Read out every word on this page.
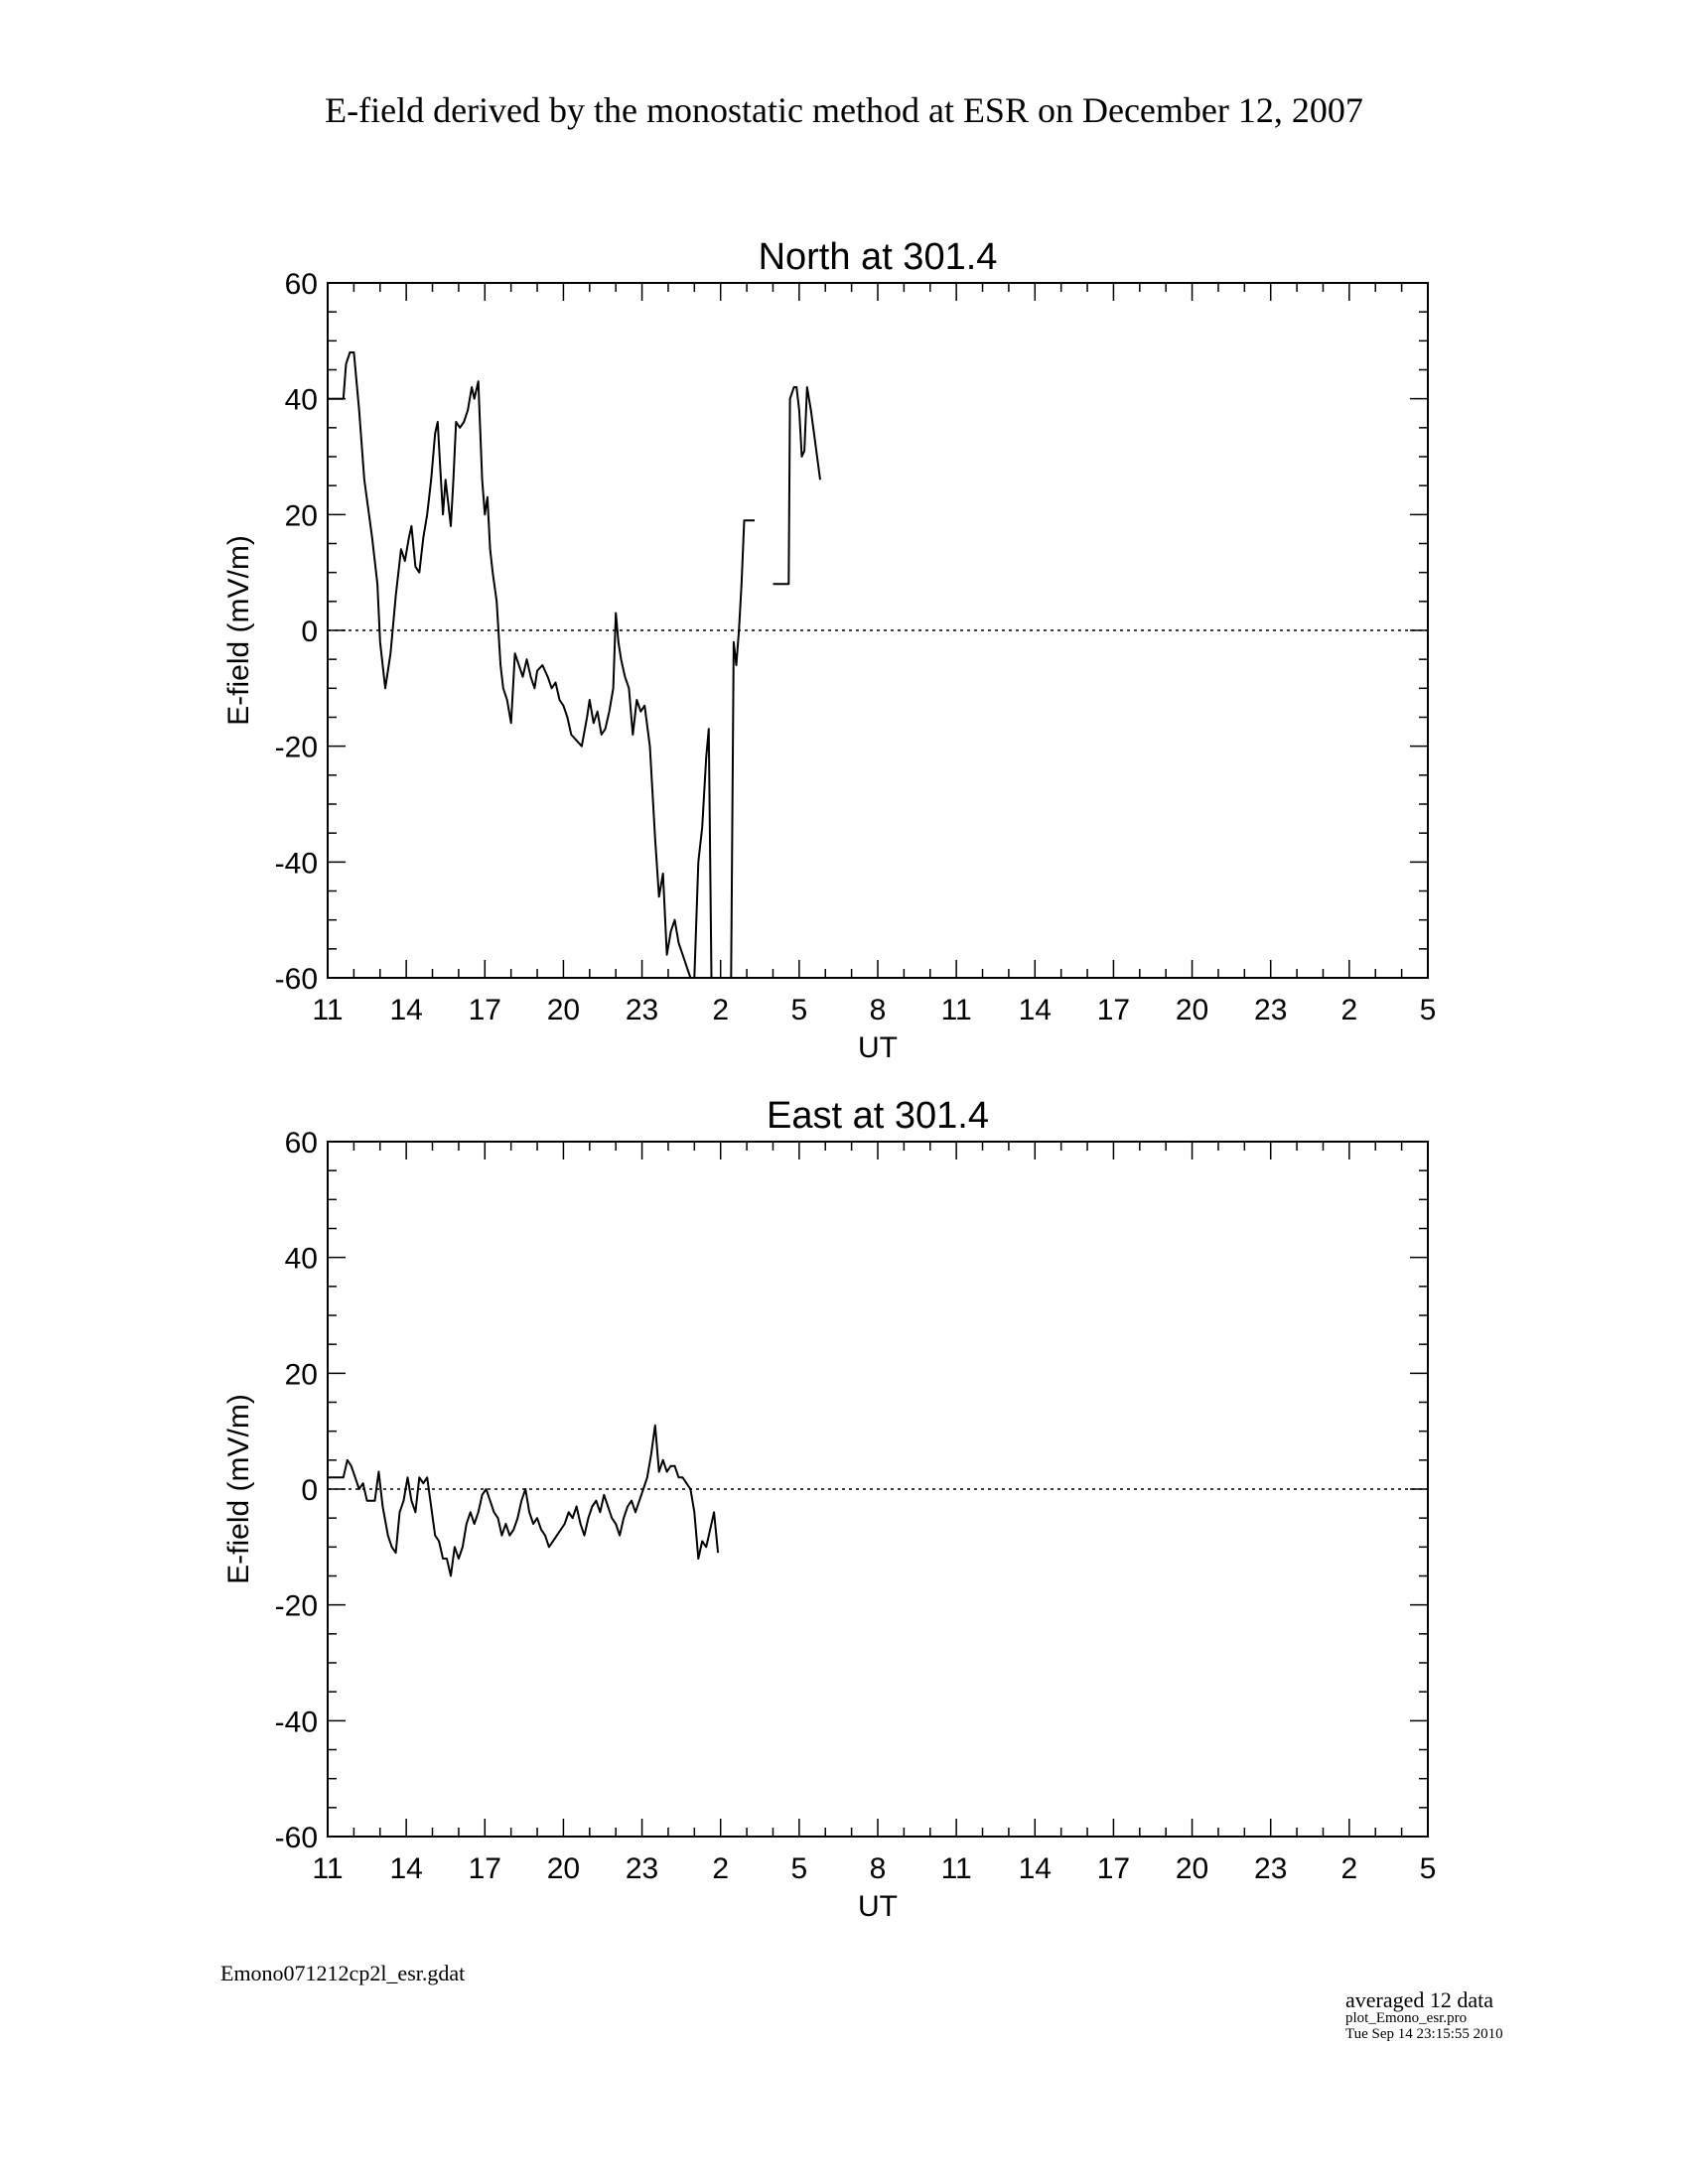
E-field derived by the monostatic method at ESR on December 12, 2007
North at 301.4
11 14 17 20 23 2 5 8 11 14 17 20 23 2 5
-60
-40
-20
0
20
40
60
UT
E-field (mV/m)
East at 301.4
11 14 17 20 23 2 5 8 11 14 17 20 23 2 5
-60
-40
-20
0
20
40
60
UT
E-field (mV/m)
Emono071212cp2l_esr.gdat
averaged 12 data
plot_Emono_esr.pro
Tue Sep 14 23:15:55 2010
